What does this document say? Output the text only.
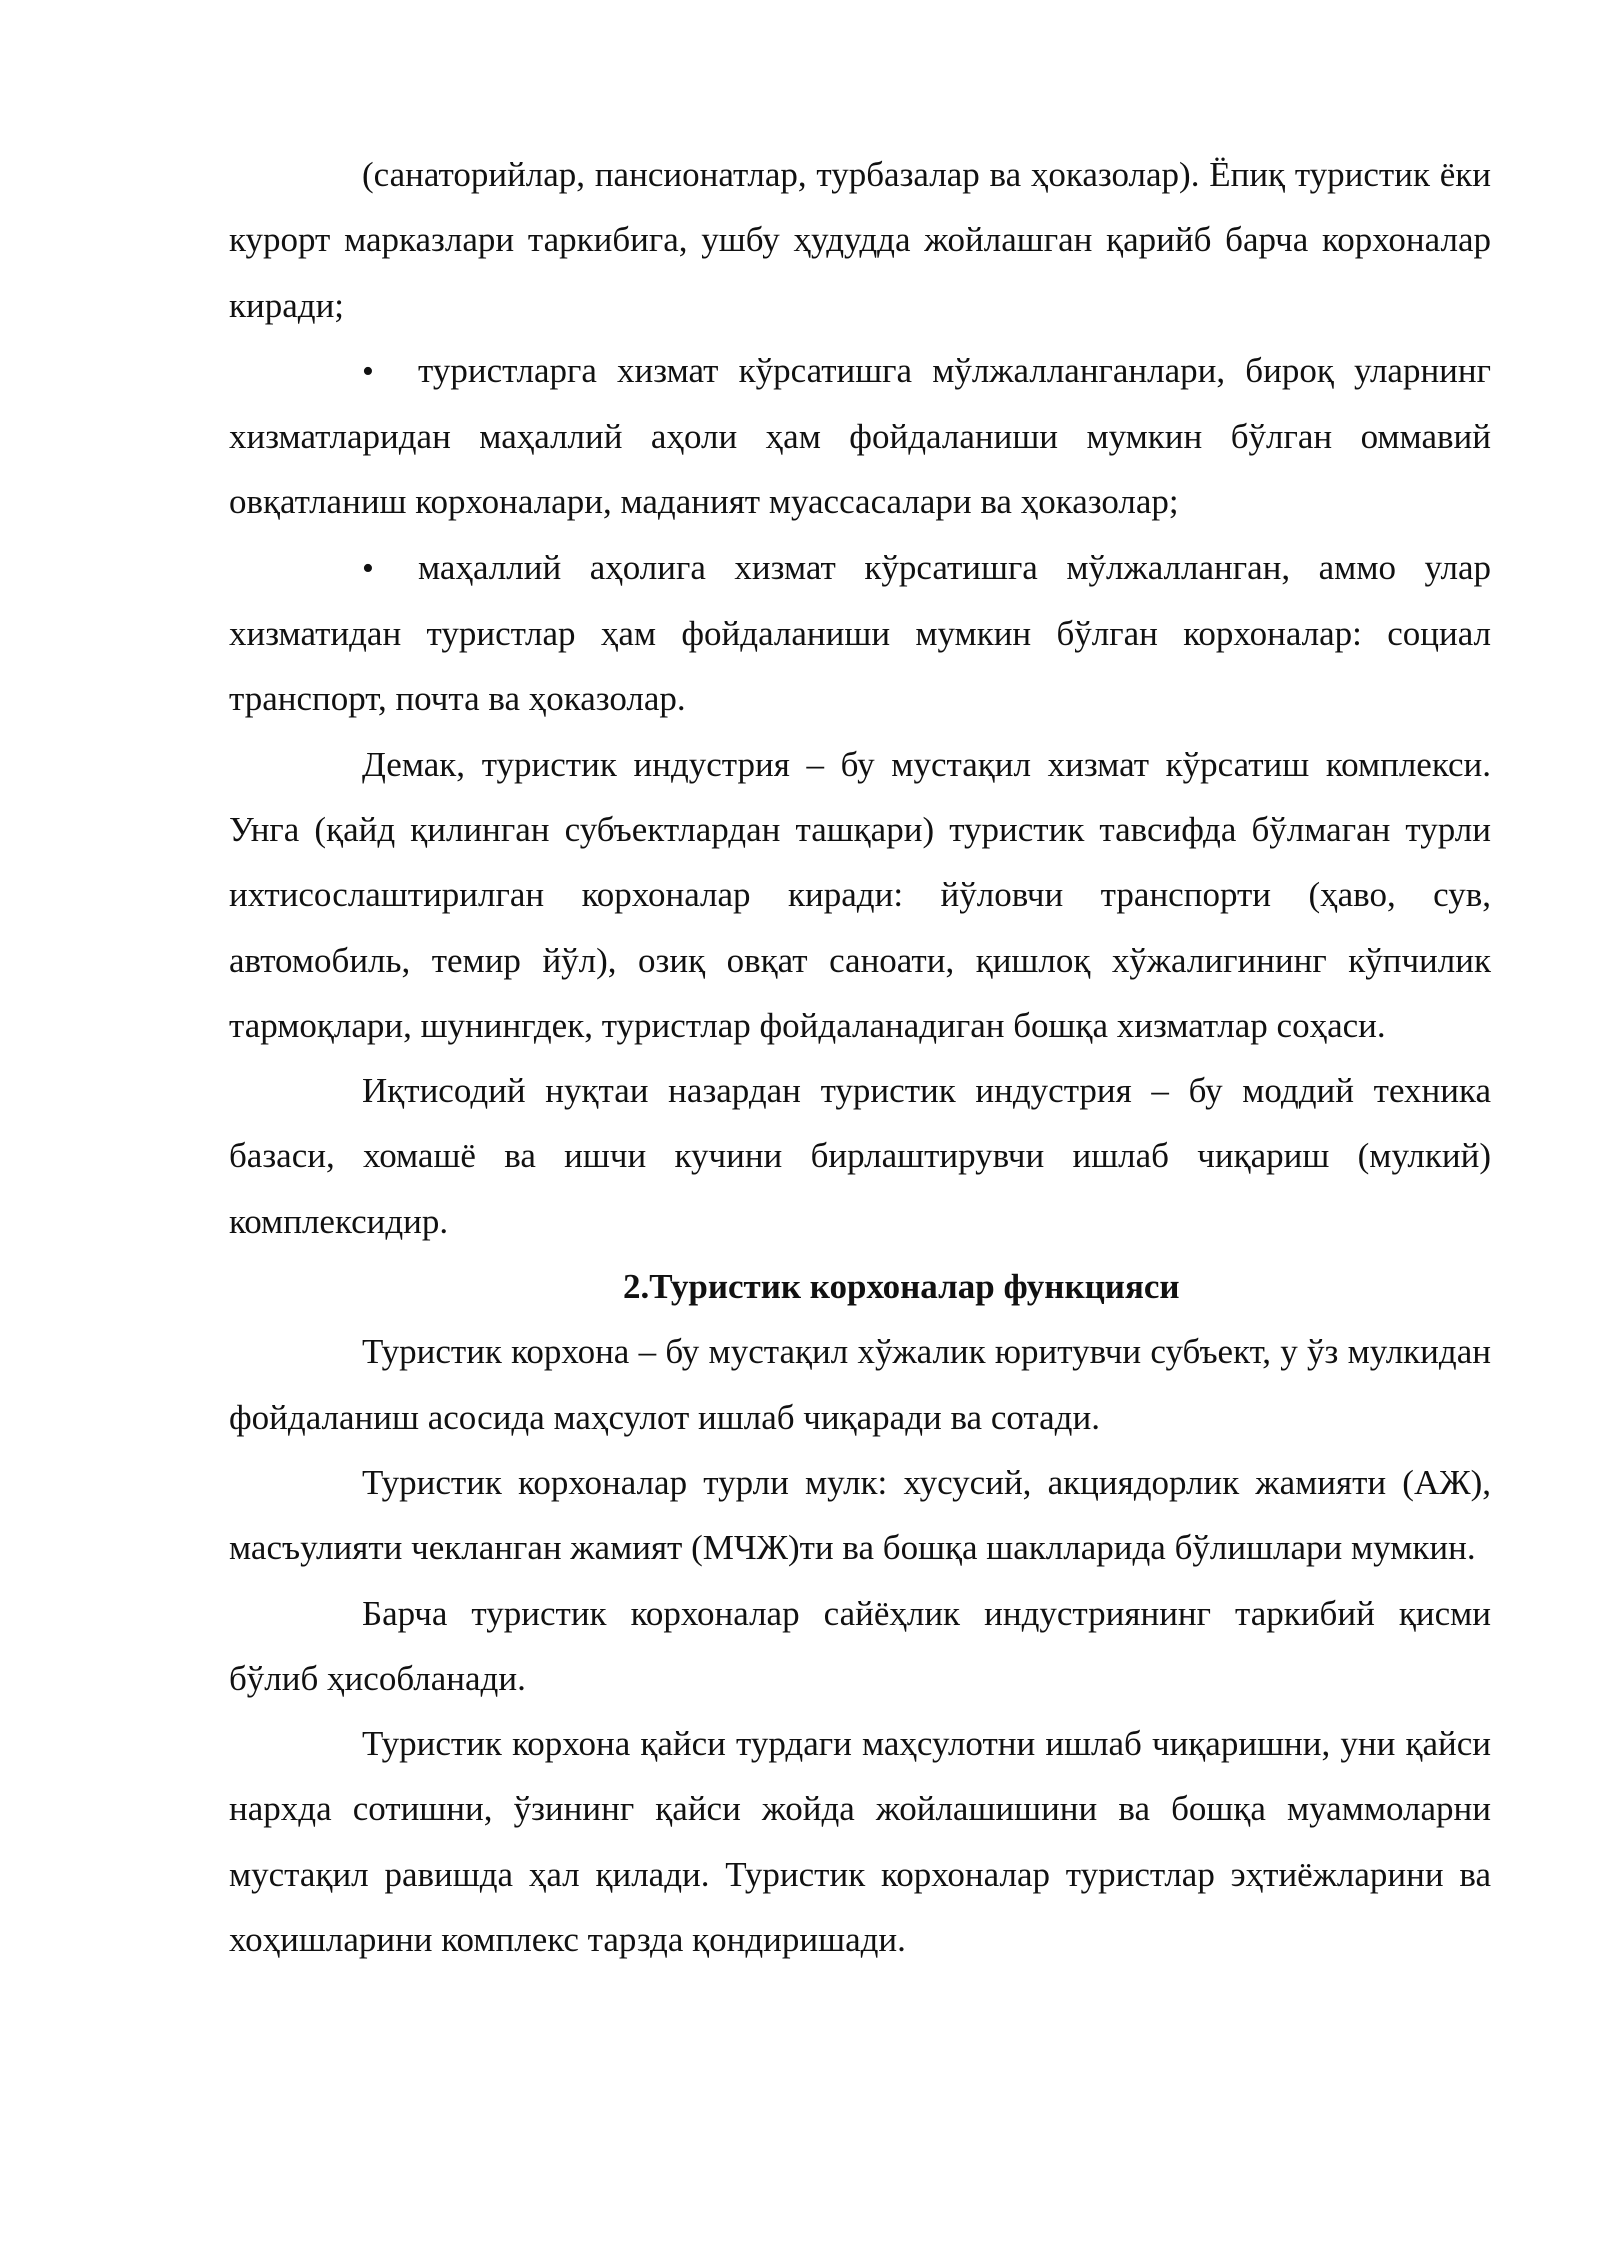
(санаторийлар, пансионатлар, турбазалар ва ҳоказолар). Ёпиқ туристик ёки курорт марказлари таркибига, ушбу ҳудудда жойлашган қарийб барча корхоналар киради;

• туристларга хизмат кўрсатишга мўлжалланганлари, бироқ уларнинг хизматларидан маҳаллий аҳоли ҳам фойдаланиши мумкин бўлган оммавий овқатланиш корхоналари, маданият муассасалари ва ҳоказолар;

• маҳаллий аҳолига хизмат кўрсатишга мўлжалланган, аммо улар хизматидан туристлар ҳам фойдаланиши мумкин бўлган корхоналар: социал транспорт, почта ва ҳоказолар.

Демак, туристик индустрия – бу мустақил хизмат кўрсатиш комплекси. Унга (қайд қилинган субъектлардан ташқари) туристик тавсифда бўлмаган турли ихтисослаштирилган корхоналар киради: йўловчи транспорти (ҳаво, сув, автомобиль, темир йўл), озиқ овқат саноати, қишлоқ хўжалигининг кўпчилик тармоқлари, шунингдек, туристлар фойдаланадиган бошқа хизматлар соҳаси.

Иқтисодий нуқтаи назардан туристик индустрия – бу моддий техника базаси, хомашё ва ишчи кучини бирлаштирувчи ишлаб чиқариш (мулкий) комплексидир.

2.Туристик корхоналар функцияси

Туристик корхона – бу мустақил хўжалик юритувчи субъект, у ўз мулкидан фойдаланиш асосида маҳсулот ишлаб чиқаради ва сотади.

Туристик корхоналар турли мулк: хусусий, акциядорлик жамияти (АЖ), масъулияти чекланган жамият (МЧЖ)ти ва бошқа шаклларида бўлишлари мумкин.

Барча туристик корхоналар сайёҳлик индустриянинг таркибий қисми бўлиб ҳисобланади.

Туристик корхона қайси турдаги маҳсулотни ишлаб чиқаришни, уни қайси нархда сотишни, ўзининг қайси жойда жойлашишини ва бошқа муаммоларни мустақил равишда ҳал қилади. Туристик корхоналар туристлар эҳтиёжларини ва хоҳишларини комплекс тарзда қондиришади.
